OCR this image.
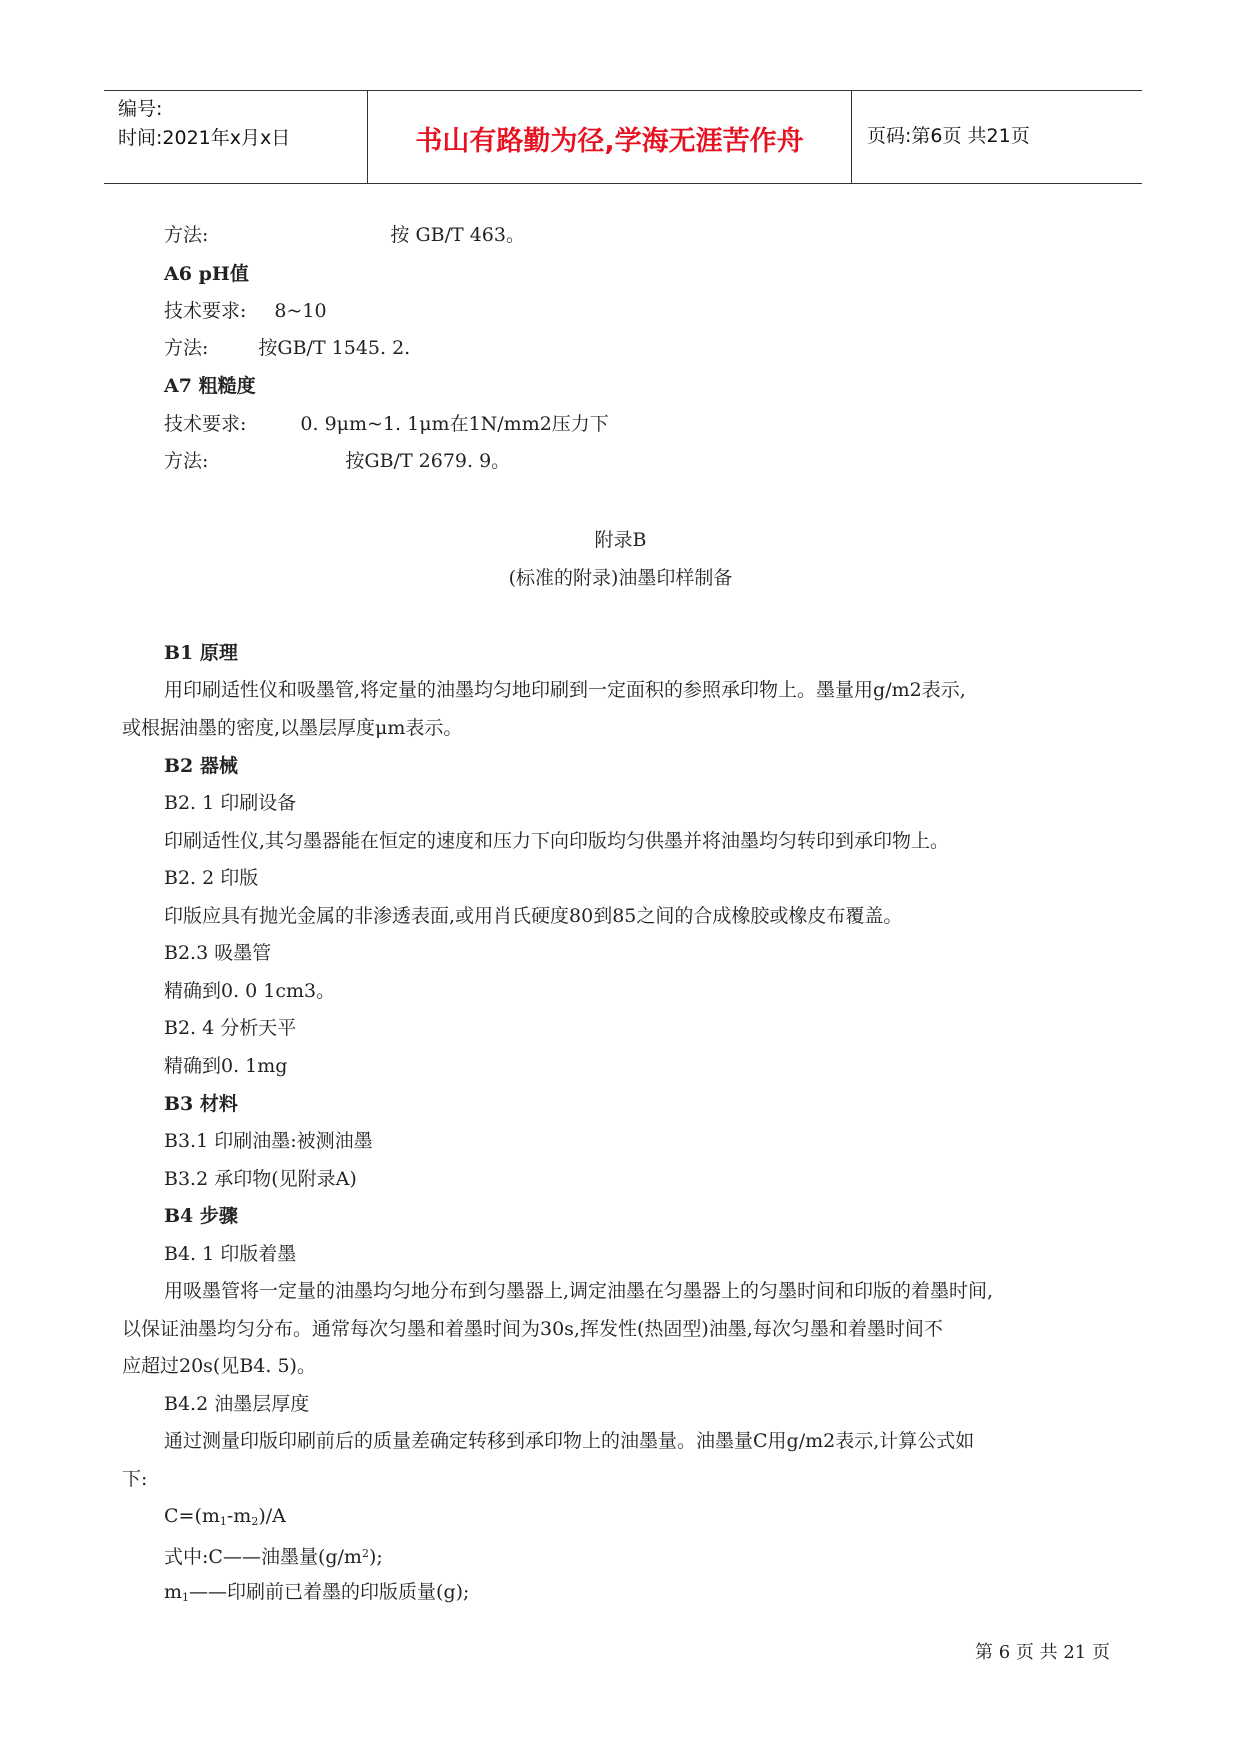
编号:
时间:2021年x月x日	书山有路勤为径,学海无涯苦作舟	页码:第6页 共21页
方法:	按 GB/T 463。
A6 pH值
技术要求: 8~10
方法:	按GB/T 1545. 2.
A7 粗糙度
技术要求:	0. 9μm~1. 1μm在1N/mm2压力下
方法:	按GB/T 2679. 9。
附录B
(标准的附录)油墨印样制备
B1 原理
用印刷适性仪和吸墨管,将定量的油墨均匀地印刷到一定面积的参照承印物上。墨量用g/m2表示,
或根据油墨的密度,以墨层厚度μm表示。
B2 器械
B2. 1 印刷设备
印刷适性仪,其匀墨器能在恒定的速度和压力下向印版均匀供墨并将油墨均匀转印到承印物上。
B2. 2 印版
印版应具有抛光金属的非渗透表面,或用肖氏硬度80到85之间的合成橡胶或橡皮布覆盖。
B2.3 吸墨管
精确到0. 0 1cm3。
B2. 4 分析天平
精确到0. 1mg
B3 材料
B3.1 印刷油墨:被测油墨
B3.2 承印物(见附录A)
B4 步骤
B4. 1 印版着墨
用吸墨管将一定量的油墨均匀地分布到匀墨器上,调定油墨在匀墨器上的匀墨时间和印版的着墨时间,
以保证油墨均匀分布。通常每次匀墨和着墨时间为30s,挥发性(热固型)油墨,每次匀墨和着墨时间不
应超过20s(见B4. 5)。
B4.2 油墨层厚度
通过测量印版印刷前后的质量差确定转移到承印物上的油墨量。油墨量C用g/m2表示,计算公式如
下:
$C=(m_1-m_2)/A$
式中:C——油墨量$(g/m^2)$;
$m_1——$印刷前已着墨的印版质量(g);
第 6 页 共 21 页
